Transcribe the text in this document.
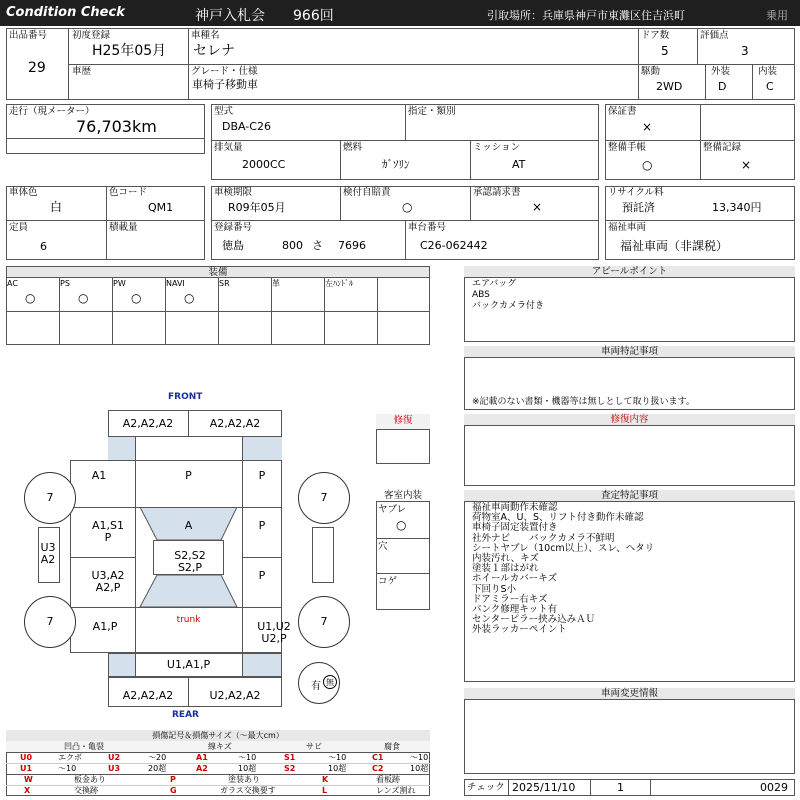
Condition Check	神戸入札会 966回	引取場所：兵庫県神戸市東灘区住吉浜町	乗用
出品番号
29
初度登録
H25年05月
車種名
セレナ
ドア数
5
評価点
3
車歴	グレード・仕様
車椅子移動車
駆動
2WD
外装
D
内装
C
走行（現メーター）
76,703km
型式
DBA-C26
指定・類別
排気量
2000CC
燃料
ｶﾞｿﾘﾝ
ミッション
AT
保証書
×
整備手帳
○
整備記録
×
車体色
白
色コード
QM1
定員
6
積載量
車検期限
R09年05月
検付自賠責
○
承認請求書
×
登録番号
徳島	800 さ 7696
車台番号
C26-062442
リサイクル料
預託済	13,340円
福祉車両
福祉車両（非課税）
装備
AC
○
PS
○
PW
○
NAVI
○
SR	革	左ﾊﾝﾄﾞﾙ
アピールポイント
エアバッグ
ABS
バックカメラ付き
車両特記事項
※記載のない書類・機器等は無しとして取り扱います。
修復内容
査定特記事項
福祉車両動作未確認
荷物室A、U、S、リフト付き動作未確認
車椅子固定装置付き
社外ナビ　　バックカメラ不鮮明
シートヤブレ（10cm以上）、スレ、ヘタリ
内装汚れ、キズ
塗装１部はがれ
ホイールカバーキズ
下回りS小
ドアミラー右キズ
パンク修理キット有
センターピラー挟み込みＡＵ
外装ラッカーペイント
車両変更情報
チェック 2025/11/10	1	0029
修復
客室内装
ヤブレ
○
穴
コゲ
FRONT
REAR
A2,A2,A2	A2,A2,A2
A1	P	P
A1,S1 P
A	P
S2,S2 S2,P
U3,A2 A2,P
P
A1,P	U1,U2 U2,P
U3 A2
U1,A1,P
A2,A2,A2	U2,A2,A2
trunk
7	7
7	7
有 無
損傷記号＆損傷サイズ（～最大cm）
凹凸・亀裂	線キズ	サビ	腐食
U0	エクボ	U2	～20	A1	～10	S1	～10	C1	～10
U1	～10	U3	20超	A2	10超	S2	10超	C2	10超
W	板金あり	P	塗装あり	K	看板跡
X	交換跡	G	ガラス交換要す	L	レンズ割れ
